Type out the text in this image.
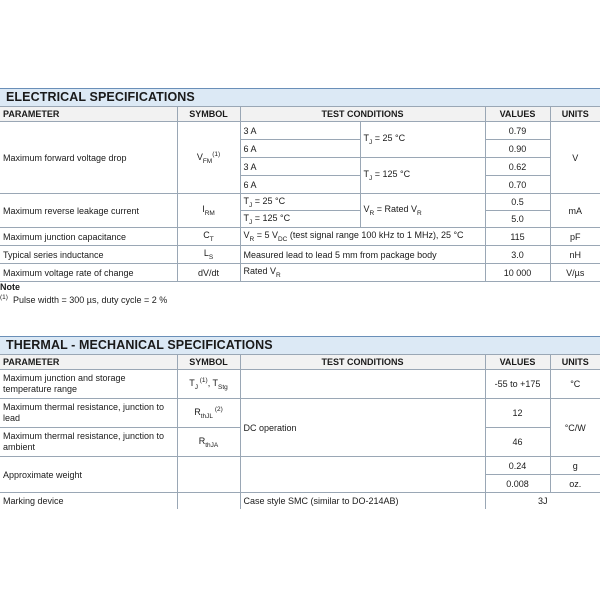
ELECTRICAL SPECIFICATIONS
PARAMETER	SYMBOL	TEST CONDITIONS		VALUES	UNITS
Maximum forward voltage drop	$V_{FM}^{(1)}$	3 A	$T_J = 25$ °C	0.79	V
		6 A		0.90	
		3 A	$T_J = 125$ °C	0.62	
		6 A		0.70	
Maximum reverse leakage current	$I_{RM}$	$T_J = 25$ °C	$V_R$ = Rated $V_R$	0.5	mA
		$T_J = 125$ °C		5.0	
Maximum junction capacitance	$C_T$	$V_R = 5$ $V_{DC}$ (test signal range 100 kHz to 1 MHz), 25 °C		115	pF
Typical series inductance	$L_S$	Measured lead to lead 5 mm from package body		3.0	nH
Maximum voltage rate of change	dV/dt	Rated $V_R$		10 000	V/µs
Note
$^{(1)}$ Pulse width = 300 µs, duty cycle = 2 %
THERMAL - MECHANICAL SPECIFICATIONS
PARAMETER	SYMBOL	TEST CONDITIONS	VALUES	UNITS
Maximum junction and storage temperature range	$T_J$ $^{(1)}$, $T_{Stg}$		-55 to +175	°C
Maximum thermal resistance, junction to lead	$R_{thJL}$ $^{(2)}$	DC operation	12	°C/W
Maximum thermal resistance, junction to ambient	$R_{thJA}$		46	
Approximate weight			0.24	g
			0.008	oz.
Marking device		Case style SMC (similar to DO-214AB)	3J	
